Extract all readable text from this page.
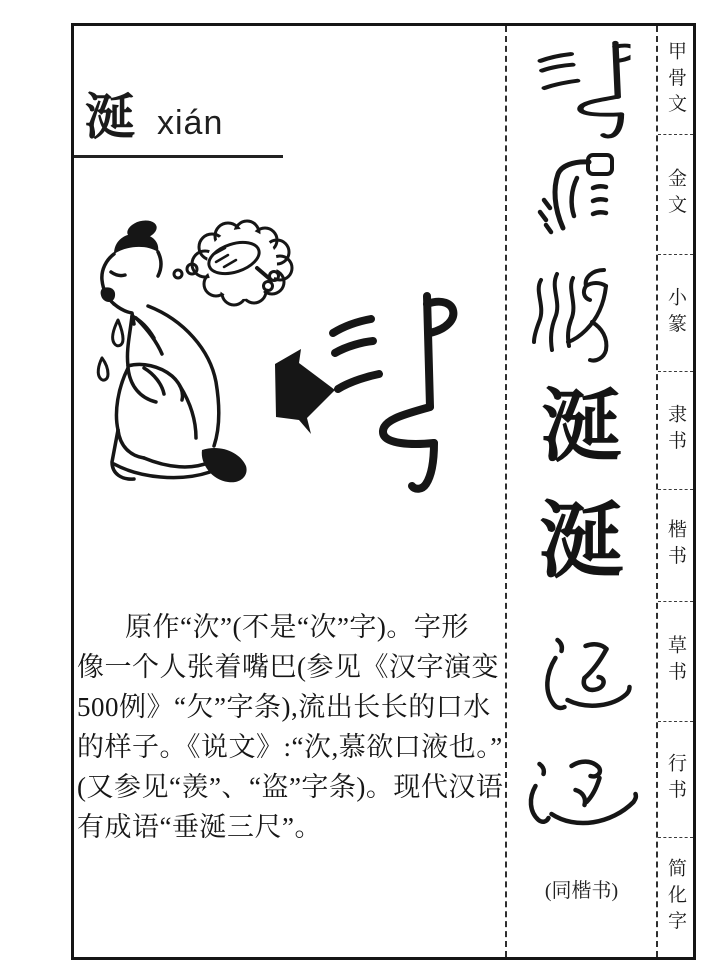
涎 xián
原作“㳄”(不是“次”字)。字形
像一个人张着嘴巴(参见《汉字演变
500例》“欠”字条),流出长长的口水
的样子。《说文》:“㳄,慕欲口液也。”
(又参见“羡”、“盗”字条)。现代汉语
有成语“垂涎三尺”。
涎
涎
(同楷书)
甲骨文
金文
小篆
隶书
楷书
草书
行书
简化字
